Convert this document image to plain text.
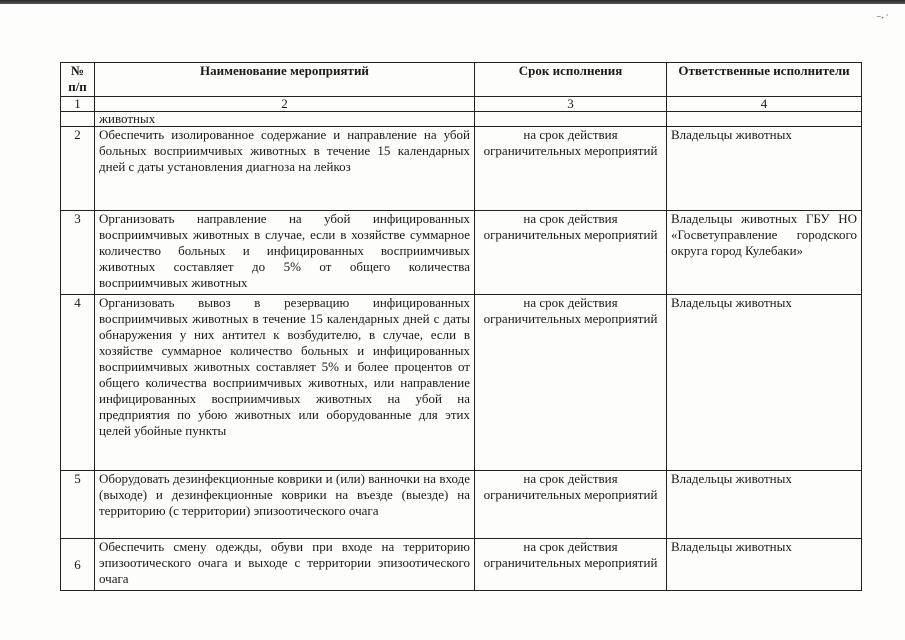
⁻ˑ˙
№ п/п	Наименование мероприятий	Срок исполнения	Ответственные исполнители
1	2	3	4
	животных		
2	Обеспечить изолированное содержание и направление на убой больных восприимчивых животных в течение 15 календарных дней с даты установления диагноза на лейкоз	на срок действия ограничительных мероприятий	Владельцы животных
3	Организовать направление на убой инфицированных восприимчивых животных в случае, если в хозяйстве суммарное количество больных и инфицированных восприимчивых животных составляет до 5% от общего количества восприимчивых животных	на срок действия ограничительных мероприятий	Владельцы животных ГБУ НО «Госветуправление городского округа город Кулебаки»
4	Организовать вывоз в резервацию инфицированных восприимчивых животных в течение 15 календарных дней с даты обнаружения у них антител к возбудителю, в случае, если в хозяйстве суммарное количество больных и инфицированных восприимчивых животных составляет 5% и более процентов от общего количества восприимчивых животных, или направление инфицированных восприимчивых животных на убой на предприятия по убою животных или оборудованные для этих целей убойные пункты	на срок действия ограничительных мероприятий	Владельцы животных
5	Оборудовать дезинфекционные коврики и (или) ванночки на входе (выходе) и дезинфекционные коврики на въезде (выезде) на территорию (с территории) эпизоотического очага	на срок действия ограничительных мероприятий	Владельцы животных
6	Обеспечить смену одежды, обуви при входе на территорию эпизоотического очага и выходе с территории эпизоотического очага	на срок действия ограничительных мероприятий	Владельцы животных
